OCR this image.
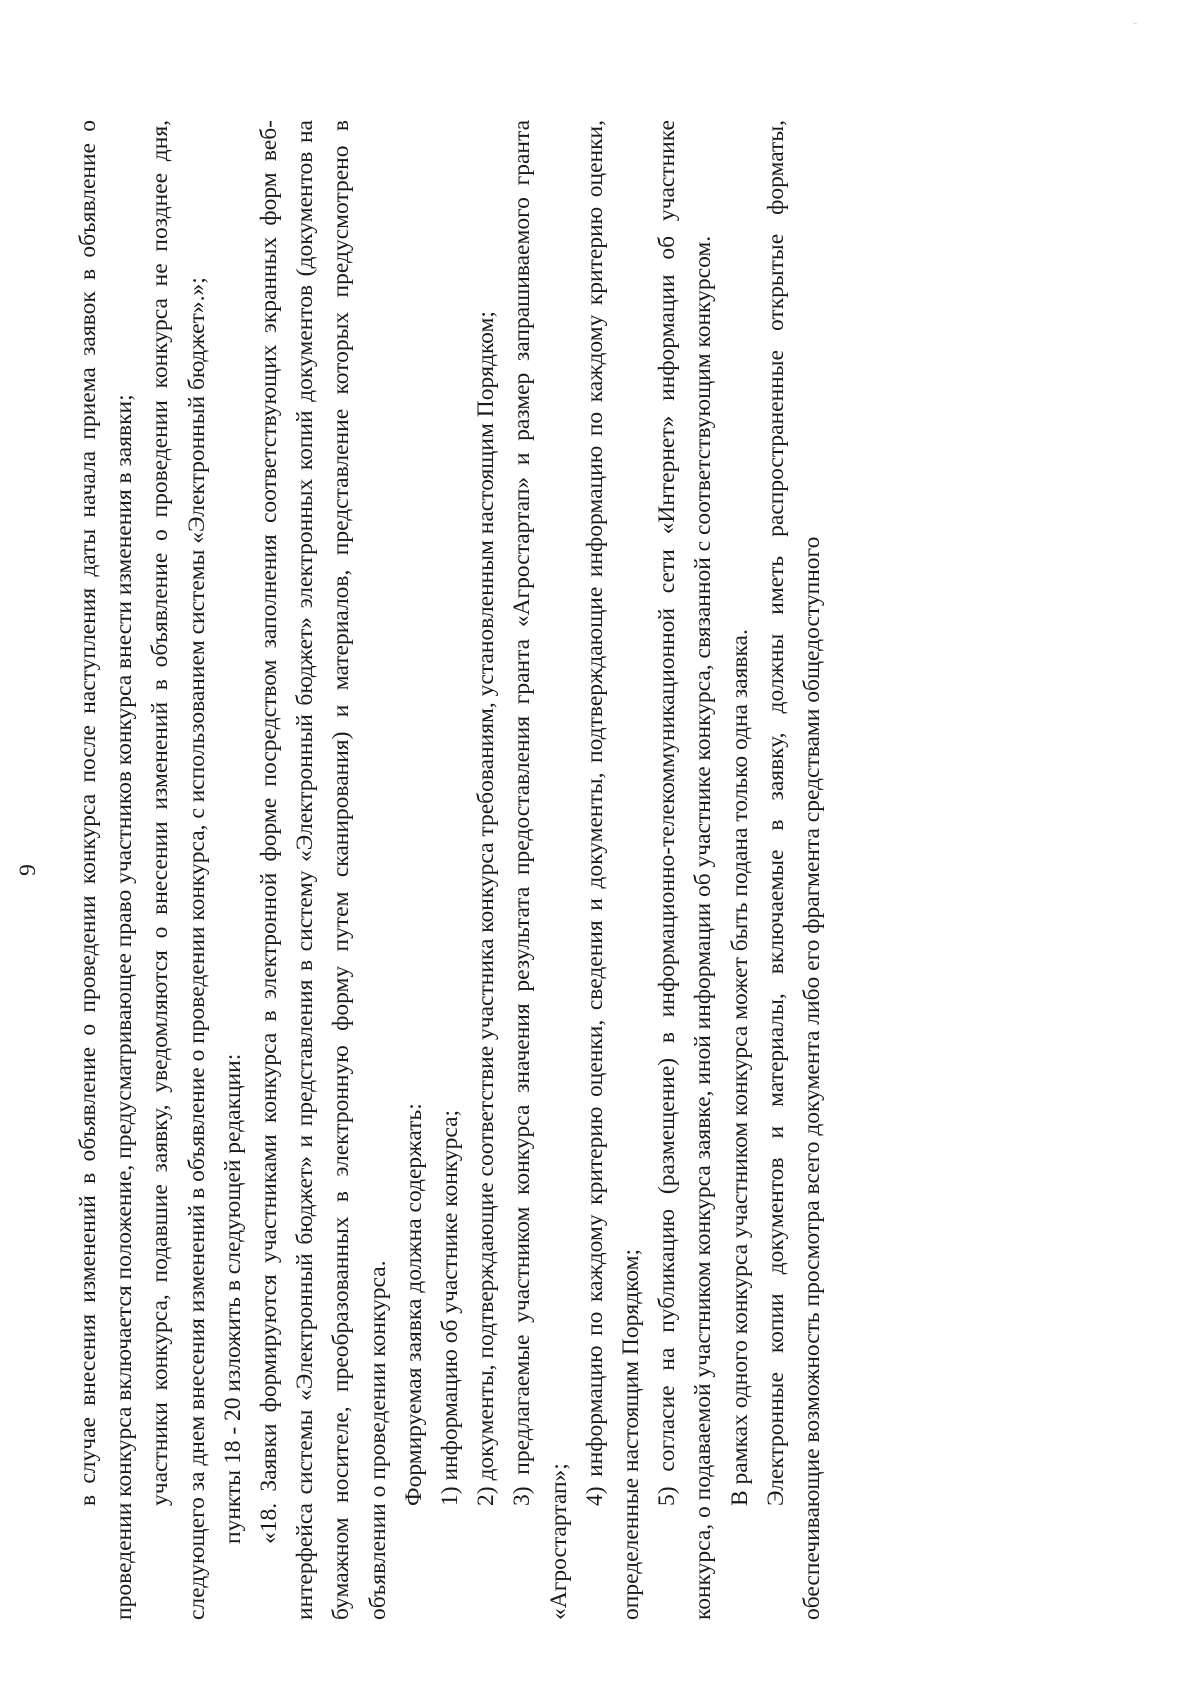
'
9 в случае внесения изменений в объявление о проведении конкурса после наступления даты начала приема заявок в объявление о проведении конкурса включается положение, предусматривающее право участников конкурса внести изменения в заявки; участники конкурса, подавшие заявку, уведомляются о внесении изменений в объявление о проведении конкурса не позднее дня, следующего за днем внесения изменений в объявление о проведении конкурса, с использованием системы «Электронный бюджет».»; пункты 18 - 20 изложить в следующей редакции: «18. Заявки формируются участниками конкурса в электронной форме посредством заполнения соответствующих экранных форм веб-интерфейса системы «Электронный бюджет» и представления в систему «Электронный бюджет» электронных копий документов (документов на бумажном носителе, преобразованных в электронную форму путем сканирования) и материалов, представление которых предусмотрено в объявлении о проведении конкурса. Формируемая заявка должна содержать: 1) информацию об участнике конкурса; 2) документы, подтверждающие соответствие участника конкурса требованиям, установленным настоящим Порядком; 3) предлагаемые участником конкурса значения результата предоставления гранта «Агростартап» и размер запрашиваемого гранта «Агростартап»;

4) информацию по каждому критерию оценки, сведения и документы, подтверждающие информацию по каждому критерию оценки, определенные настоящим Порядком; 5) согласие на публикацию (размещение) в информационно-телекоммуникационной сети «Интернет» информации об участнике конкурса, о подаваемой участником конкурса заявке, иной информации об участнике конкурса, связанной с соответствующим конкурсом. В рамках одного конкурса участником конкурса может быть подана только одна заявка. Электронные копии документов и материалы, включаемые в заявку, должны иметь распространенные открытые форматы, обеспечивающие возможность просмотра всего документа либо его фрагмента средствами общедоступного
